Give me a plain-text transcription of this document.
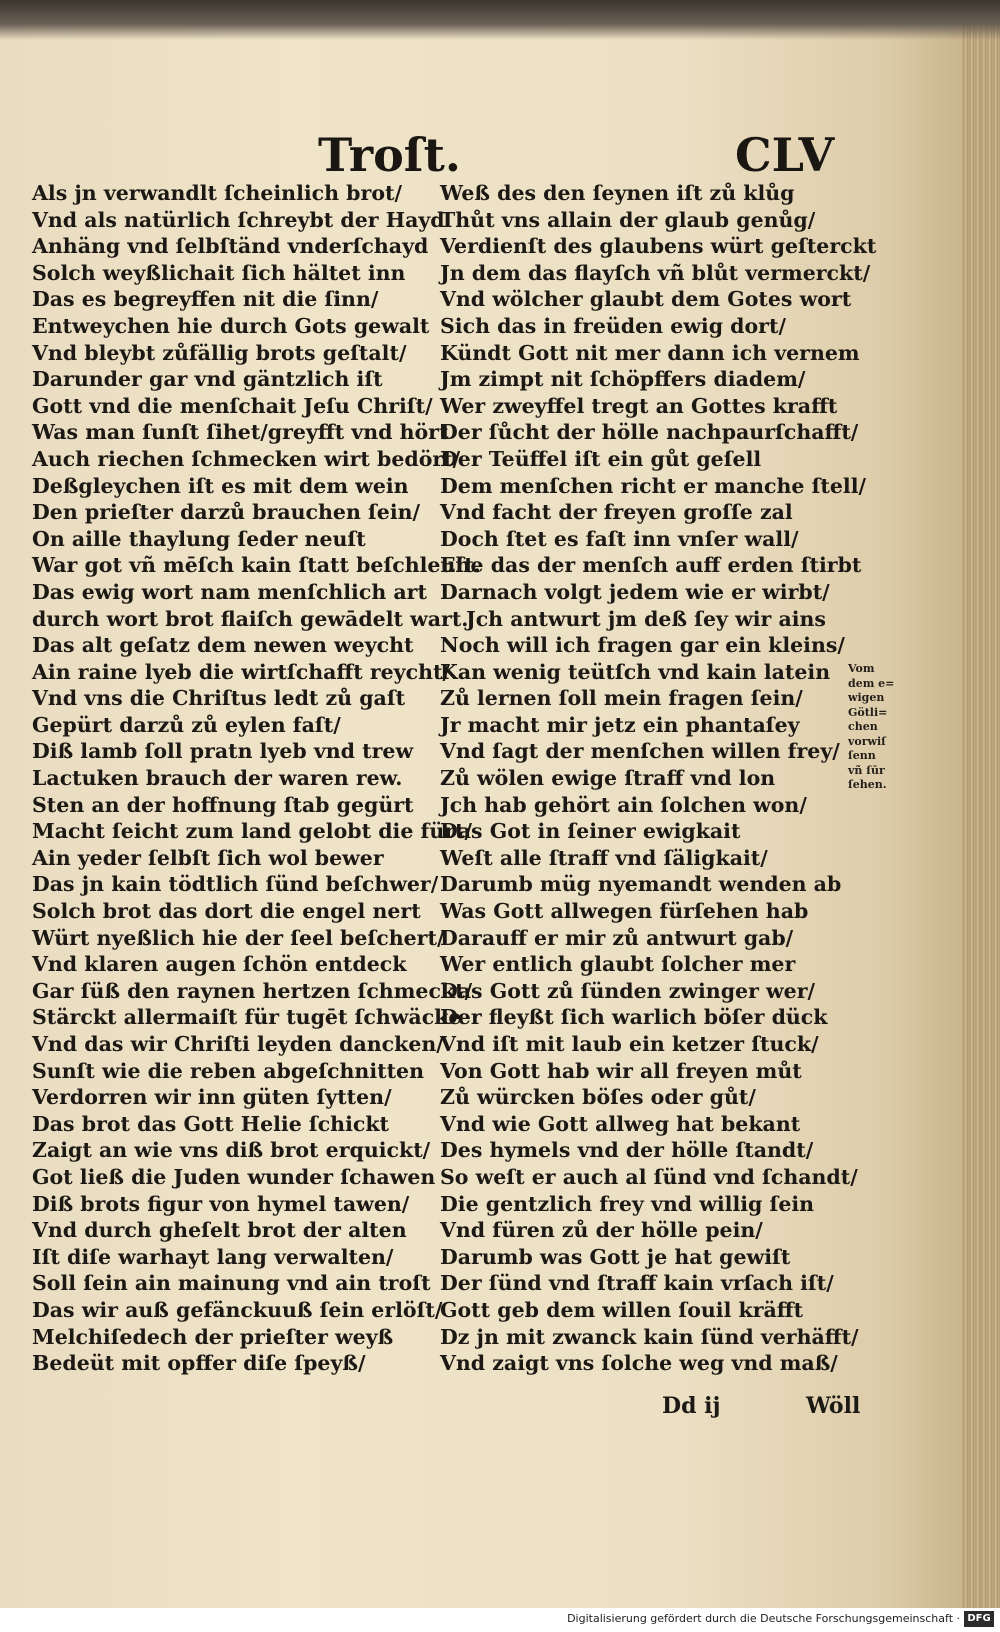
Troſt.	CLV
Als jn verwandlt ſcheinlich brot/
Vnd als natürlich ſchreybt der Hayd
Anhäng vnd ſelbſtänd vnderſchayd
Solch weyßlichait ſich hältet inn
Das es begreyffen nit die ſinn/
Entweychen hie durch Gots gewalt
Vnd bleybt zůfällig brots geſtalt/
Darunder gar vnd gäntzlich iſt
Gott vnd die menſchait Jeſu Chriſt/
Was man ſunſt ſihet/greyfft vnd hört
Auch riechen ſchmecken wirt bedört/
Deßgleychen iſt es mit dem wein
Den prieſter darzů brauchen ſein/
On aille thaylung ſeder neuſt
War got vñ mēſch kain ſtatt beſchleuſt.
Das ewig wort nam menſchlich art
durch wort brot flaiſch gewādelt wart.
Das alt geſatz dem newen weycht
Ain raine lyeb die wirtſchafft reycht/
Vnd vns die Chriſtus ledt zů gaſt
Gepürt darzů zů eylen faſt/
Diß lamb ſoll pratn lyeb vnd trew
Lactuken brauch der waren rew.
Sten an der hoffnung ſtab gegürt
Macht ſeicht zum land gelobt die fürt/
Ain yeder ſelbſt ſich wol bewer
Das jn kain tödtlich ſünd beſchwer/
Solch brot das dort die engel nert
Würt nyeßlich hie der ſeel beſchert/
Vnd klaren augen ſchön entdeck
Gar ſüß den raynen hertzen ſchmeckt/
Stärckt allermaiſt für tugēt ſchwäcke
Vnd das wir Chriſti leyden dancken/
Sunſt wie die reben abgeſchnitten
Verdorren wir inn güten ſytten/
Das brot das Gott Helie ſchickt
Zaigt an wie vns diß brot erquickt/
Got ließ die Juden wunder ſchawen
Diß brots figur von hymel tawen/
Vnd durch gheſelt brot der alten
Iſt diſe warhayt lang verwalten/
Soll ſein ain mainung vnd ain troſt
Das wir auß gefänckuuß ſein erlöſt/
Melchiſedech der prieſter weyß
Bedeüt mit opffer diſe ſpeyß/
Weß des den ſeynen iſt zů klůg
Thůt vns allain der glaub genůg/
Verdienſt des glaubens würt geſterckt
Jn dem das flayſch vñ blůt vermerckt/
Vnd wölcher glaubt dem Gotes wort
Sich das in freüden ewig dort/
Kündt Gott nit mer dann ich vernem
Jm zimpt nit ſchöpffers diadem/
Wer zweyffel tregt an Gottes krafft
Der ſůcht der hölle nachpaurſchafft/
Der Teüffel iſt ein gůt geſell
Dem menſchen richt er manche ſtell/
Vnd facht der freyen groſſe zal
Doch ſtet es faſt inn vnſer wall/
Ehe das der menſch auff erden ſtirbt
Darnach volgt jedem wie er wirbt/
Jch antwurt jm deß ſey wir ains
Noch will ich fragen gar ein kleins/
Kan wenig teütſch vnd kain latein
Zů lernen ſoll mein fragen ſein/
Jr macht mir jetz ein phantaſey
Vnd ſagt der menſchen willen frey/
Zů wölen ewige ſtraff vnd lon
Jch hab gehört ain ſolchen won/
Das Got in ſeiner ewigkait
Weſt alle ſtraff vnd ſäligkait/
Darumb müg nyemandt wenden ab
Was Gott allwegen fürſehen hab
Darauff er mir zů antwurt gab/
Wer entlich glaubt ſolcher mer
Das Gott zů ſünden zwinger wer/
Der fleyßt ſich warlich böſer dück
Vnd iſt mit laub ein ketzer ſtuck/
Von Gott hab wir all freyen můt
Zů würcken böſes oder gůt/
Vnd wie Gott allweg hat bekant
Des hymels vnd der hölle ſtandt/
So weſt er auch al ſünd vnd ſchandt/
Die gentzlich frey vnd willig ſein
Vnd füren zů der hölle pein/
Darumb was Gott je hat gewiſt
Der ſünd vnd ſtraff kain vrſach iſt/
Gott geb dem willen ſouil kräfft
Dz jn mit zwanck kain ſünd verhäfft/
Vnd zaigt vns ſolche weg vnd maß/
Vom
dem e=
wigen
Götli=
chen
vorwiſ
ſenn
vñ ſūr
ſehen.
Dd ij	Wöll
Digitalisierung gefördert durch die Deutsche Forschungsgemeinschaft · DFG
